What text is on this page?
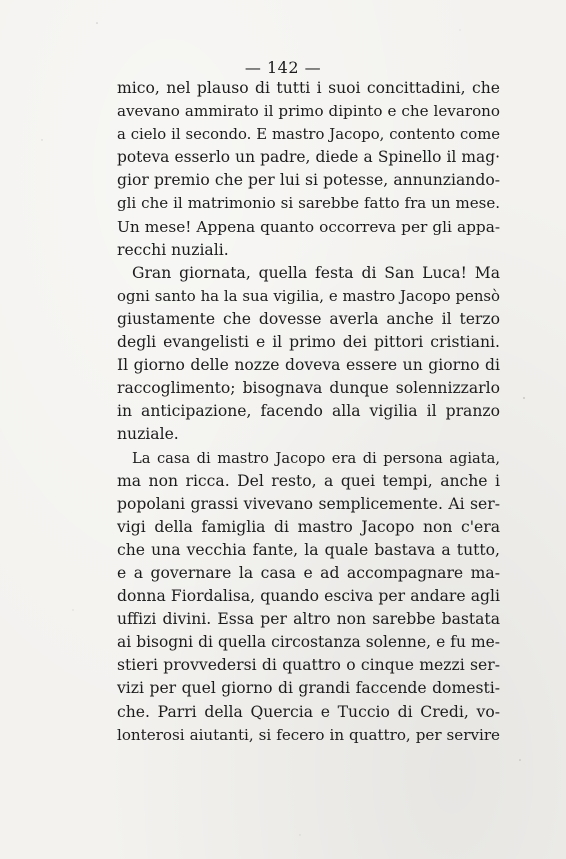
— 142 —
mico, nel plauso di tutti i suoi concittadini, che
avevano ammirato il primo dipinto e che levarono
a cielo il secondo. E mastro Jacopo, contento come
poteva esserlo un padre, diede a Spinello il mag·
gior premio che per lui si potesse, annunziando-
gli che il matrimonio si sarebbe fatto fra un mese.
Un mese! Appena quanto occorreva per gli appa-
recchi nuziali.
Gran giornata, quella festa di San Luca! Ma
ogni santo ha la sua vigilia, e mastro Jacopo pensò
giustamente che dovesse averla anche il terzo
degli evangelisti e il primo dei pittori cristiani.
Il giorno delle nozze doveva essere un giorno di
raccoglimento; bisognava dunque solennizzarlo
in anticipazione, facendo alla vigilia il pranzo
nuziale.
La casa di mastro Jacopo era di persona agiata,
ma non ricca. Del resto, a quei tempi, anche i
popolani grassi vivevano semplicemente. Ai ser-
vigi della famiglia di mastro Jacopo non c'era
che una vecchia fante, la quale bastava a tutto,
e a governare la casa e ad accompagnare ma-
donna Fiordalisa, quando esciva per andare agli
uffizi divini. Essa per altro non sarebbe bastata
ai bisogni di quella circostanza solenne, e fu me-
stieri provvedersi di quattro o cinque mezzi ser-
vizi per quel giorno di grandi faccende domesti-
che. Parri della Quercia e Tuccio di Credi, vo-
lonterosi aiutanti, si fecero in quattro, per servire
